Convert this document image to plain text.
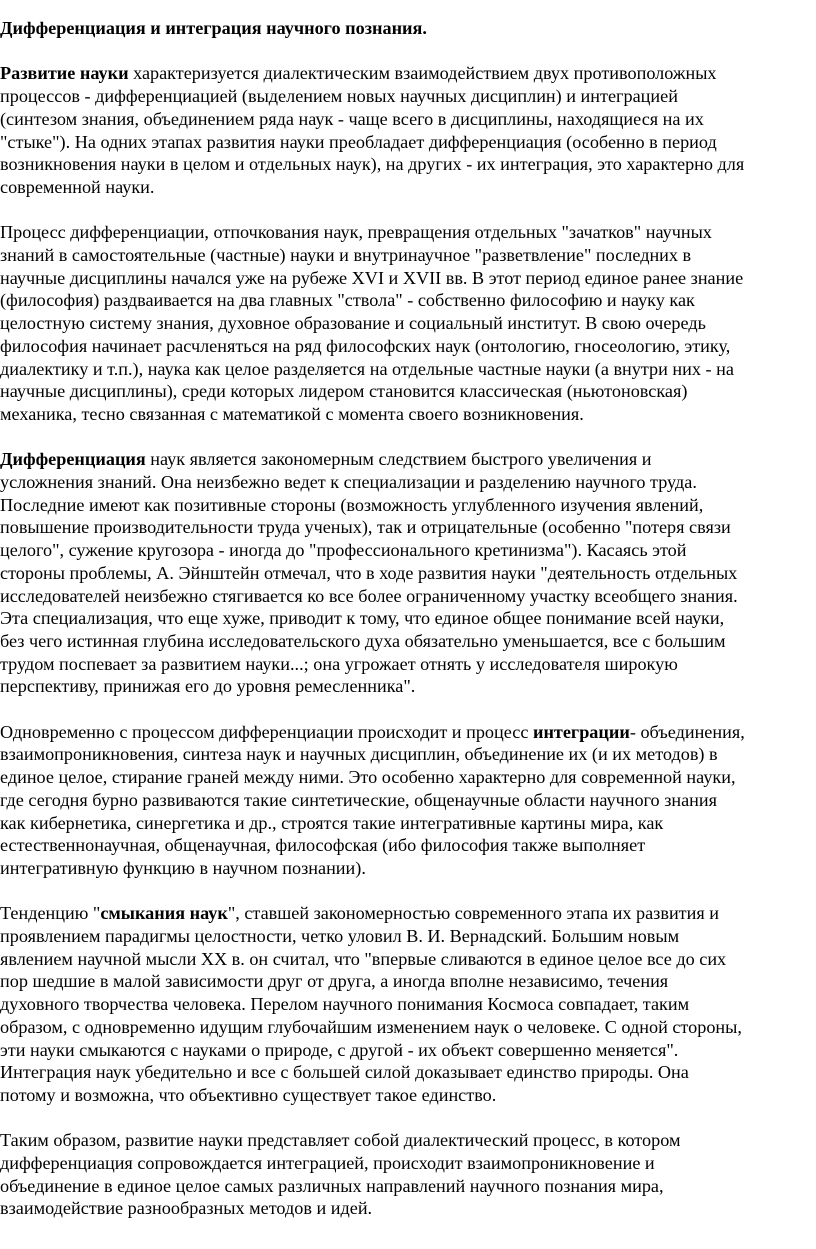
Дифференциация и интеграция научного познания.

Развитие науки характеризуется диалектическим взаимодействием двух противоположных
процессов - дифференциацией (выделением новых научных дисциплин) и интеграцией
(синтезом знания, объединением ряда наук - чаще всего в дисциплины, находящиеся на их
"стыке"). На одних этапах развития науки преобладает дифференциация (особенно в период
возникновения науки в целом и отдельных наук), на других - их интеграция, это характерно для
современной науки.

Процесс дифференциации, отпочкования наук, превращения отдельных "зачатков" научных
знаний в самостоятельные (частные) науки и внутринаучное "разветвление" последних в
научные дисциплины начался уже на рубеже XVI и XVII вв. В этот период единое ранее знание
(философия) раздваивается на два главных "ствола" - собственно философию и науку как
целостную систему знания, духовное образование и социальный институт. В свою очередь
философия начинает расчленяться на ряд философских наук (онтологию, гносеологию, этику,
диалектику и т.п.), наука как целое разделяется на отдельные частные науки (а внутри них - на
научные дисциплины), среди которых лидером становится классическая (ньютоновская)
механика, тесно связанная с математикой с момента своего возникновения.

Дифференциация наук является закономерным следствием быстрого увеличения и
усложнения знаний. Она неизбежно ведет к специализации и разделению научного труда.
Последние имеют как позитивные стороны (возможность углубленного изучения явлений,
повышение производительности труда ученых), так и отрицательные (особенно "потеря связи
целого", сужение кругозора - иногда до "профессионального кретинизма"). Касаясь этой
стороны проблемы, А. Эйнштейн отмечал, что в ходе развития науки "деятельность отдельных
исследователей неизбежно стягивается ко все более ограниченному участку всеобщего знания.
Эта специализация, что еще хуже, приводит к тому, что единое общее понимание всей науки,
без чего истинная глубина исследовательского духа обязательно уменьшается, все с большим
трудом поспевает за развитием науки...; она угрожает отнять у исследователя широкую
перспективу, принижая его до уровня ремесленника".

Одновременно с процессом дифференциации происходит и процесс интеграции- объединения,
взаимопроникновения, синтеза наук и научных дисциплин, объединение их (и их методов) в
единое целое, стирание граней между ними. Это особенно характерно для современной науки,
где сегодня бурно развиваются такие синтетические, общенаучные области научного знания
как кибернетика, синергетика и др., строятся такие интегративные картины мира, как
естественнонаучная, общенаучная, философская (ибо философия также выполняет
интегративную функцию в научном познании).

Тенденцию "смыкания наук", ставшей закономерностью современного этапа их развития и
проявлением парадигмы целостности, четко уловил В. И. Вернадский. Большим новым
явлением научной мысли XX в. он считал, что "впервые сливаются в единое целое все до сих
пор шедшие в малой зависимости друг от друга, а иногда вполне независимо, течения
духовного творчества человека. Перелом научного понимания Космоса совпадает, таким
образом, с одновременно идущим глубочайшим изменением наук о человеке. С одной стороны,
эти науки смыкаются с науками о природе, с другой - их объект совершенно меняется".
Интеграция наук убедительно и все с большей силой доказывает единство природы. Она
потому и возможна, что объективно существует такое единство.

Таким образом, развитие науки представляет собой диалектический процесс, в котором
дифференциация сопровождается интеграцией, происходит взаимопроникновение и
объединение в единое целое самых различных направлений научного познания мира,
взаимодействие разнообразных методов и идей.
